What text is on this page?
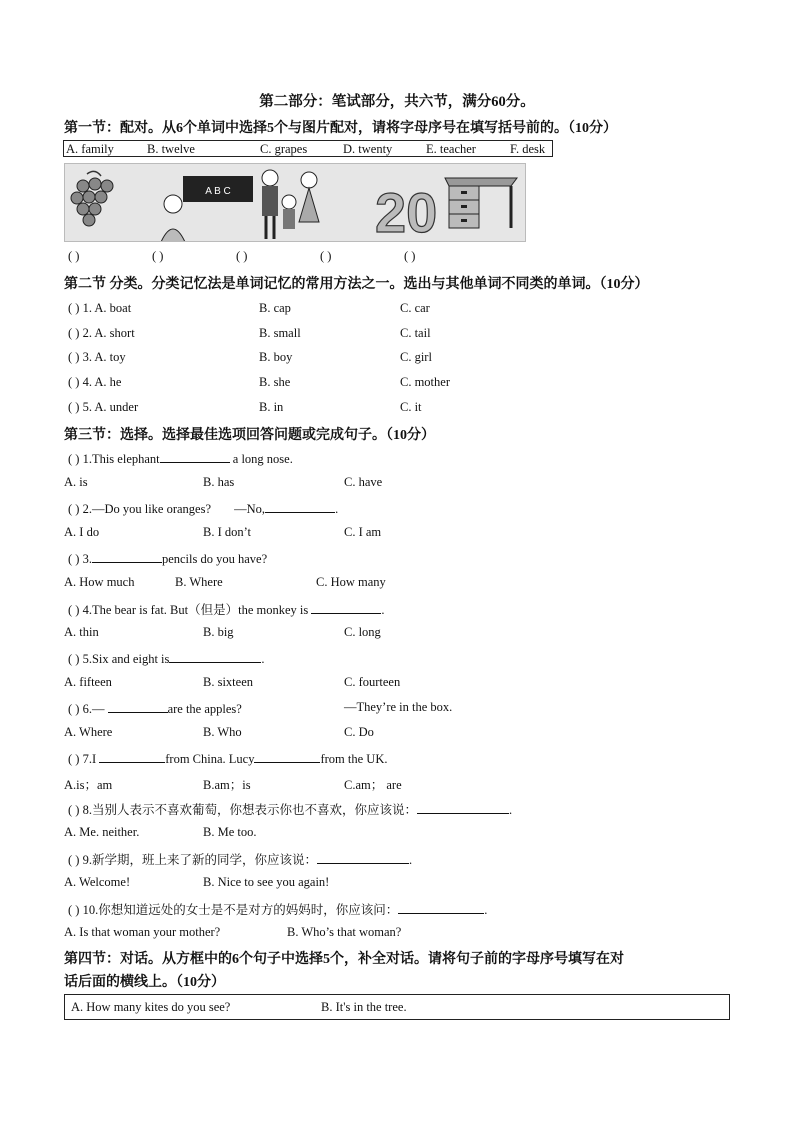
第二部分：笔试部分，共六节，满分60分。
第一节：配对。从6个单词中选择5个与图片配对，请将字母序号在填写括号前的。（10分）
A. family	B. twelve	C. grapes	D. twenty	E. teacher	F. desk
A B C	20
( )	( )	( )	( )	( )
第二节 分类。分类记忆法是单词记忆的常用方法之一。选出与其他单词不同类的单词。（10分）
( ) 1. A. boat	B. cap	C. car
( ) 2. A. short	B. small	C. tail
( ) 3. A. toy	B. boy	C. girl
( ) 4. A. he	B. she	C. mother
( ) 5. A. under	B. in	C. it
第三节：选择。选择最佳选项回答问题或完成句子。（10分）
( ) 1.This elephant	a long nose.
A. is	B. has	C. have
( ) 2.—Do you like oranges? —No,	.
A. I do	B. I don’t	C. I am
( ) 3.	pencils do you have?
A. How much	B. Where	C. How many
( ) 4.The bear is fat. But（但是）the monkey is	.
A. thin	B. big	C. long
( ) 5.Six and eight is	.
A. fifteen	B. sixteen	C. fourteen
( ) 6.—	are the apples?	—They’re in the box.
A. Where	B. Who	C. Do
( ) 7.I	from China. Lucy	from the UK.
A.is；am	B.am；is	C.am； are
( ) 8.当别人表示不喜欢葡萄，你想表示你也不喜欢，你应该说：	.
A. Me. neither.	B. Me too.
( ) 9.新学期，班上来了新的同学，你应该说：	.
A. Welcome!	B. Nice to see you again!
( ) 10.你想知道远处的女士是不是对方的妈妈时，你应该问：	.
A. Is that woman your mother?	B. Who’s that woman?
第四节：对话。从方框中的6个句子中选择5个，补全对话。请将句子前的字母序号填写在对
话后面的横线上。（10分）
A. How many kites do you see?	B. It's in the tree.
